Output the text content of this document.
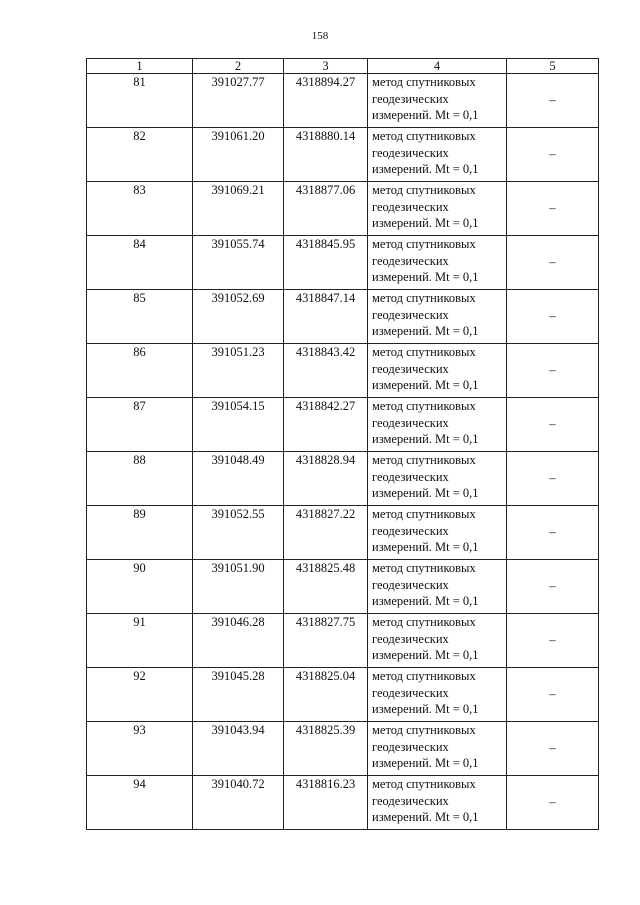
158
1	2	3	4	5
81	391027.77	4318894.27	метод спутниковых
геодезических
измерений. Mt = 0,1	–
82	391061.20	4318880.14	метод спутниковых
геодезических
измерений. Mt = 0,1	–
83	391069.21	4318877.06	метод спутниковых
геодезических
измерений. Mt = 0,1	–
84	391055.74	4318845.95	метод спутниковых
геодезических
измерений. Mt = 0,1	–
85	391052.69	4318847.14	метод спутниковых
геодезических
измерений. Mt = 0,1	–
86	391051.23	4318843.42	метод спутниковых
геодезических
измерений. Mt = 0,1	–
87	391054.15	4318842.27	метод спутниковых
геодезических
измерений. Mt = 0,1	–
88	391048.49	4318828.94	метод спутниковых
геодезических
измерений. Mt = 0,1	–
89	391052.55	4318827.22	метод спутниковых
геодезических
измерений. Mt = 0,1	–
90	391051.90	4318825.48	метод спутниковых
геодезических
измерений. Mt = 0,1	–
91	391046.28	4318827.75	метод спутниковых
геодезических
измерений. Mt = 0,1	–
92	391045.28	4318825.04	метод спутниковых
геодезических
измерений. Mt = 0,1	–
93	391043.94	4318825.39	метод спутниковых
геодезических
измерений. Mt = 0,1	–
94	391040.72	4318816.23	метод спутниковых
геодезических
измерений. Mt = 0,1	–
